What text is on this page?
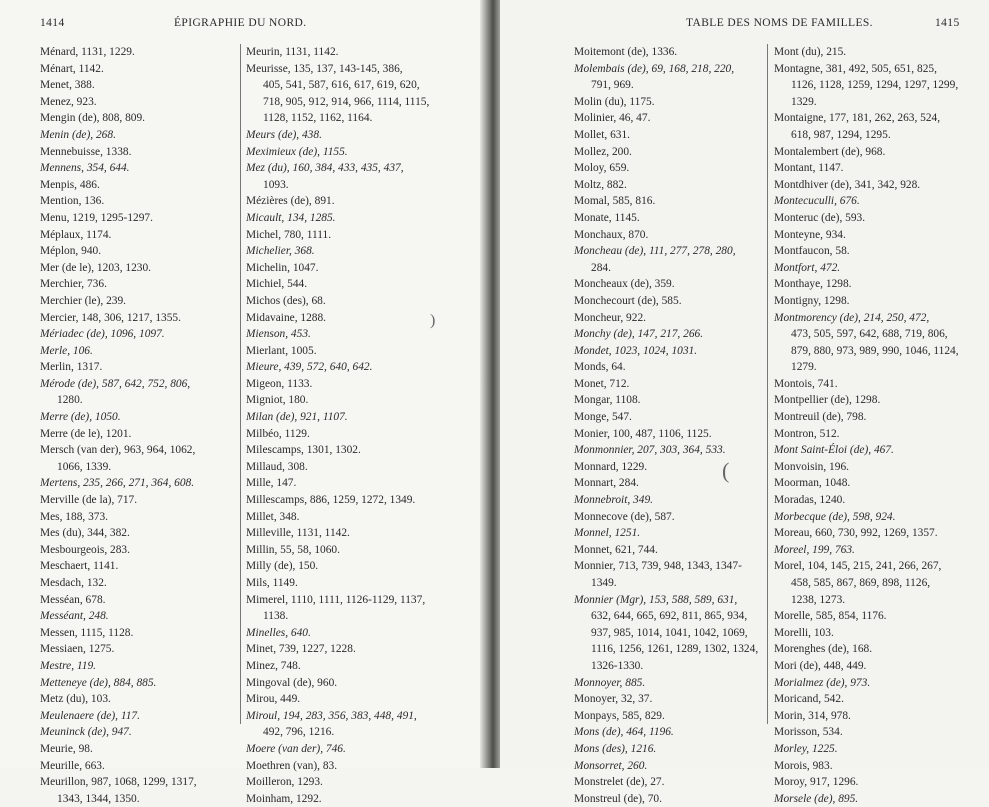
1414	ÉPIGRAPHIE DU NORD.
Ménard, 1131, 1229.
Ménart, 1142.
Menet, 388.
Menez, 923.
Mengin (de), 808, 809.
Menin (de), 268.
Mennebuisse, 1338.
Mennens, 354, 644.
Menpis, 486.
Mention, 136.
Menu, 1219, 1295-1297.
Méplaux, 1174.
Méplon, 940.
Mer (de le), 1203, 1230.
Merchier, 736.
Merchier (le), 239.
Mercier, 148, 306, 1217, 1355.
Mériadec (de), 1096, 1097.
Merle, 106.
Merlin, 1317.
Mérode (de), 587, 642, 752, 806,
1280.
Merre (de), 1050.
Merre (de le), 1201.
Mersch (van der), 963, 964, 1062,
1066, 1339.
Mertens, 235, 266, 271, 364, 608.
Merville (de la), 717.
Mes, 188, 373.
Mes (du), 344, 382.
Mesbourgeois, 283.
Meschaert, 1141.
Mesdach, 132.
Messéan, 678.
Messéant, 248.
Messen, 1115, 1128.
Messiaen, 1275.
Mestre, 119.
Metteneye (de), 884, 885.
Metz (du), 103.
Meulenaere (de), 117.
Meuninck (de), 947.
Meurie, 98.
Meurille, 663.
Meurillon, 987, 1068, 1299, 1317,
1343, 1344, 1350.
Meurin, 1131, 1142.
Meurisse, 135, 137, 143-145, 386,
405, 541, 587, 616, 617, 619, 620,
718, 905, 912, 914, 966, 1114, 1115,
1128, 1152, 1162, 1164.
Meurs (de), 438.
Meximieux (de), 1155.
Mez (du), 160, 384, 433, 435, 437,
1093.
Mézières (de), 891.
Micault, 134, 1285.
Michel, 780, 1111.
Michelier, 368.
Michelin, 1047.
Michiel, 544.
Michos (des), 68.
Midavaine, 1288.
Mienson, 453.
Mierlant, 1005.
Mieure, 439, 572, 640, 642.
Migeon, 1133.
Migniot, 180.
Milan (de), 921, 1107.
Milbéo, 1129.
Milescamps, 1301, 1302.
Millaud, 308.
Mille, 147.
Millescamps, 886, 1259, 1272, 1349.
Millet, 348.
Milleville, 1131, 1142.
Millin, 55, 58, 1060.
Milly (de), 150.
Mils, 1149.
Mimerel, 1110, 1111, 1126-1129, 1137,
1138.
Minelles, 640.
Minet, 739, 1227, 1228.
Minez, 748.
Mingoval (de), 960.
Mirou, 449.
Miroul, 194, 283, 356, 383, 448, 491,
492, 796, 1216.
Moere (van der), 746.
Moethren (van), 83.
Moilleron, 1293.
Moinham, 1292.
TABLE DES NOMS DE FAMILLES.	1415
Moitemont (de), 1336.
Molembais (de), 69, 168, 218, 220,
791, 969.
Molin (du), 1175.
Molinier, 46, 47.
Mollet, 631.
Mollez, 200.
Moloy, 659.
Moltz, 882.
Momal, 585, 816.
Monate, 1145.
Monchaux, 870.
Moncheau (de), 111, 277, 278, 280,
284.
Moncheaux (de), 359.
Monchecourt (de), 585.
Moncheur, 922.
Monchy (de), 147, 217, 266.
Mondet, 1023, 1024, 1031.
Monds, 64.
Monet, 712.
Mongar, 1108.
Monge, 547.
Monier, 100, 487, 1106, 1125.
Monmonnier, 207, 303, 364, 533.
Monnard, 1229.
Monnart, 284.
Monnebroit, 349.
Monnecove (de), 587.
Monnel, 1251.
Monnet, 621, 744.
Monnier, 713, 739, 948, 1343, 1347-
1349.
Monnier (Mgr), 153, 588, 589, 631,
632, 644, 665, 692, 811, 865, 934,
937, 985, 1014, 1041, 1042, 1069,
1116, 1256, 1261, 1289, 1302, 1324,
1326-1330.
Monnoyer, 885.
Monoyer, 32, 37.
Monpays, 585, 829.
Mons (de), 464, 1196.
Mons (des), 1216.
Monsorret, 260.
Monstrelet (de), 27.
Monstreul (de), 70.
Mont (du), 215.
Montagne, 381, 492, 505, 651, 825,
1126, 1128, 1259, 1294, 1297, 1299,
1329.
Montaigne, 177, 181, 262, 263, 524,
618, 987, 1294, 1295.
Montalembert (de), 968.
Montant, 1147.
Montdhiver (de), 341, 342, 928.
Montecuculli, 676.
Monteruc (de), 593.
Monteyne, 934.
Montfaucon, 58.
Montfort, 472.
Monthaye, 1298.
Montigny, 1298.
Montmorency (de), 214, 250, 472,
473, 505, 597, 642, 688, 719, 806,
879, 880, 973, 989, 990, 1046, 1124,
1279.
Montois, 741.
Montpellier (de), 1298.
Montreuil (de), 798.
Montron, 512.
Mont Saint-Éloi (de), 467.
Monvoisin, 196.
Moorman, 1048.
Moradas, 1240.
Morbecque (de), 598, 924.
Moreau, 660, 730, 992, 1269, 1357.
Moreel, 199, 763.
Morel, 104, 145, 215, 241, 266, 267,
458, 585, 867, 869, 898, 1126,
1238, 1273.
Morelle, 585, 854, 1176.
Morelli, 103.
Morenghes (de), 168.
Mori (de), 448, 449.
Morialmez (de), 973.
Moricand, 542.
Morin, 314, 978.
Morisson, 534.
Morley, 1225.
Morois, 983.
Moroy, 917, 1296.
Morsele (de), 895.
(
)
